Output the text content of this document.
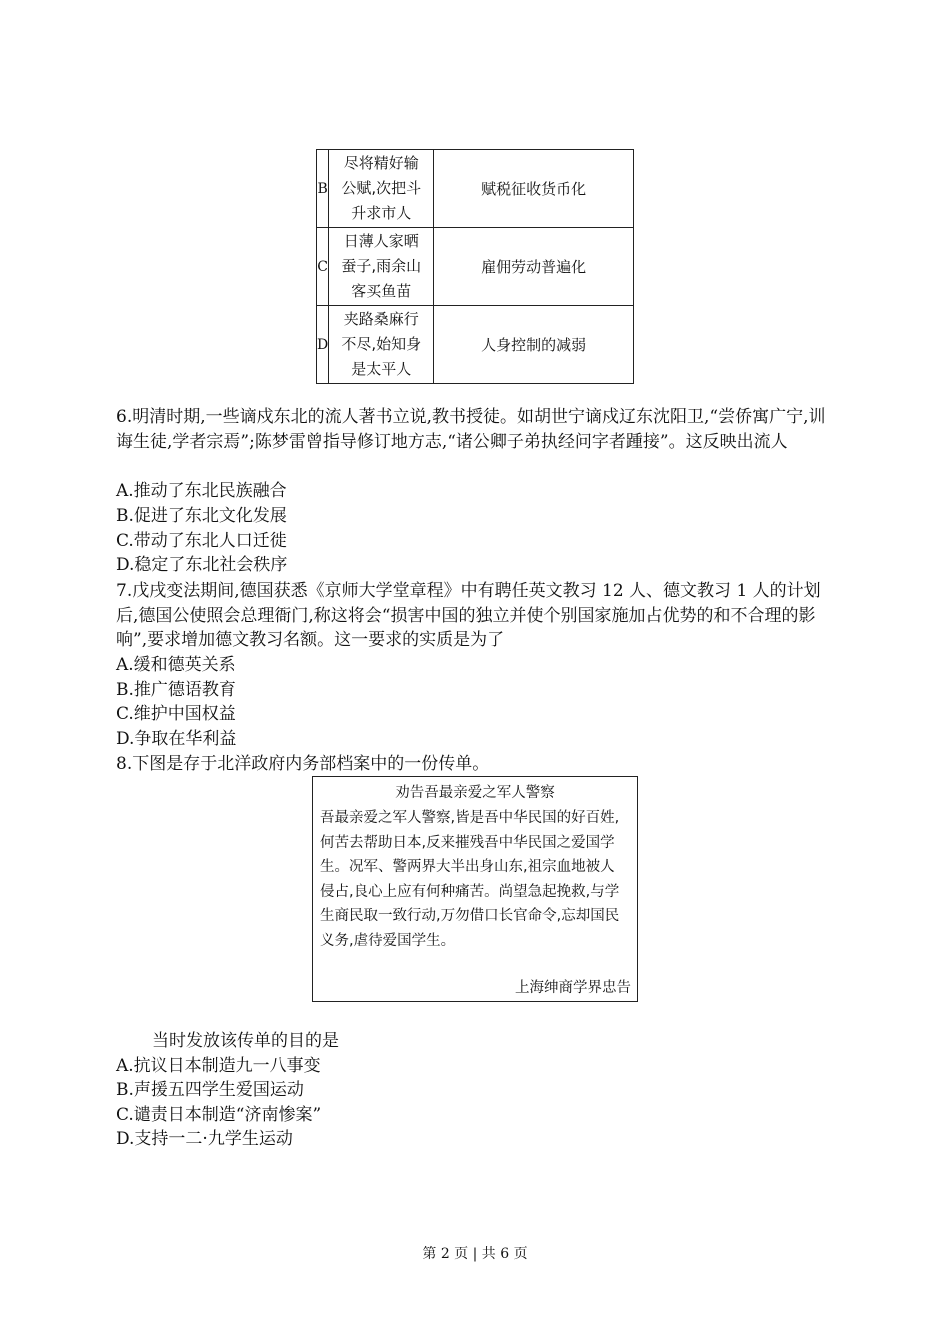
B	尽将精好输
公赋,次把斗
升求市人	赋税征收货币化
C	日薄人家晒
蚕子,雨余山
客买鱼苗	雇佣劳动普遍化
D	夹路桑麻行
不尽,始知身
是太平人	人身控制的减弱
6.明清时期,一些谪戍东北的流人著书立说,教书授徒。如胡世宁谪戍辽东沈阳卫,“尝侨寓广宁,训诲生徒,学者宗焉”;陈梦雷曾指导修订地方志,“诸公卿子弟执经问字者踵接”。这反映出流人
A.推动了东北民族融合
B.促进了东北文化发展
C.带动了东北人口迁徙
D.稳定了东北社会秩序
7.戊戌变法期间,德国获悉《京师大学堂章程》中有聘任英文教习 12 人、德文教习 1 人的计划后,德国公使照会总理衙门,称这将会“损害中国的独立并使个别国家施加占优势的和不合理的影响”,要求增加德文教习名额。这一要求的实质是为了
A.缓和德英关系
B.推广德语教育
C.维护中国权益
D.争取在华利益
8.下图是存于北洋政府内务部档案中的一份传单。
劝告吾最亲爱之军人警察
吾最亲爱之军人警察,皆是吾中华民国的好百姓,何苦去帮助日本,反来摧残吾中华民国之爱国学生。况军、警两界大半出身山东,祖宗血地被人侵占,良心上应有何种痛苦。尚望急起挽救,与学生商民取一致行动,万勿借口长官命令,忘却国民义务,虐待爱国学生。
上海绅商学界忠告
当时发放该传单的目的是
A.抗议日本制造九一八事变
B.声援五四学生爱国运动
C.谴责日本制造“济南惨案”
D.支持一二·九学生运动
第 2 页 | 共 6 页
